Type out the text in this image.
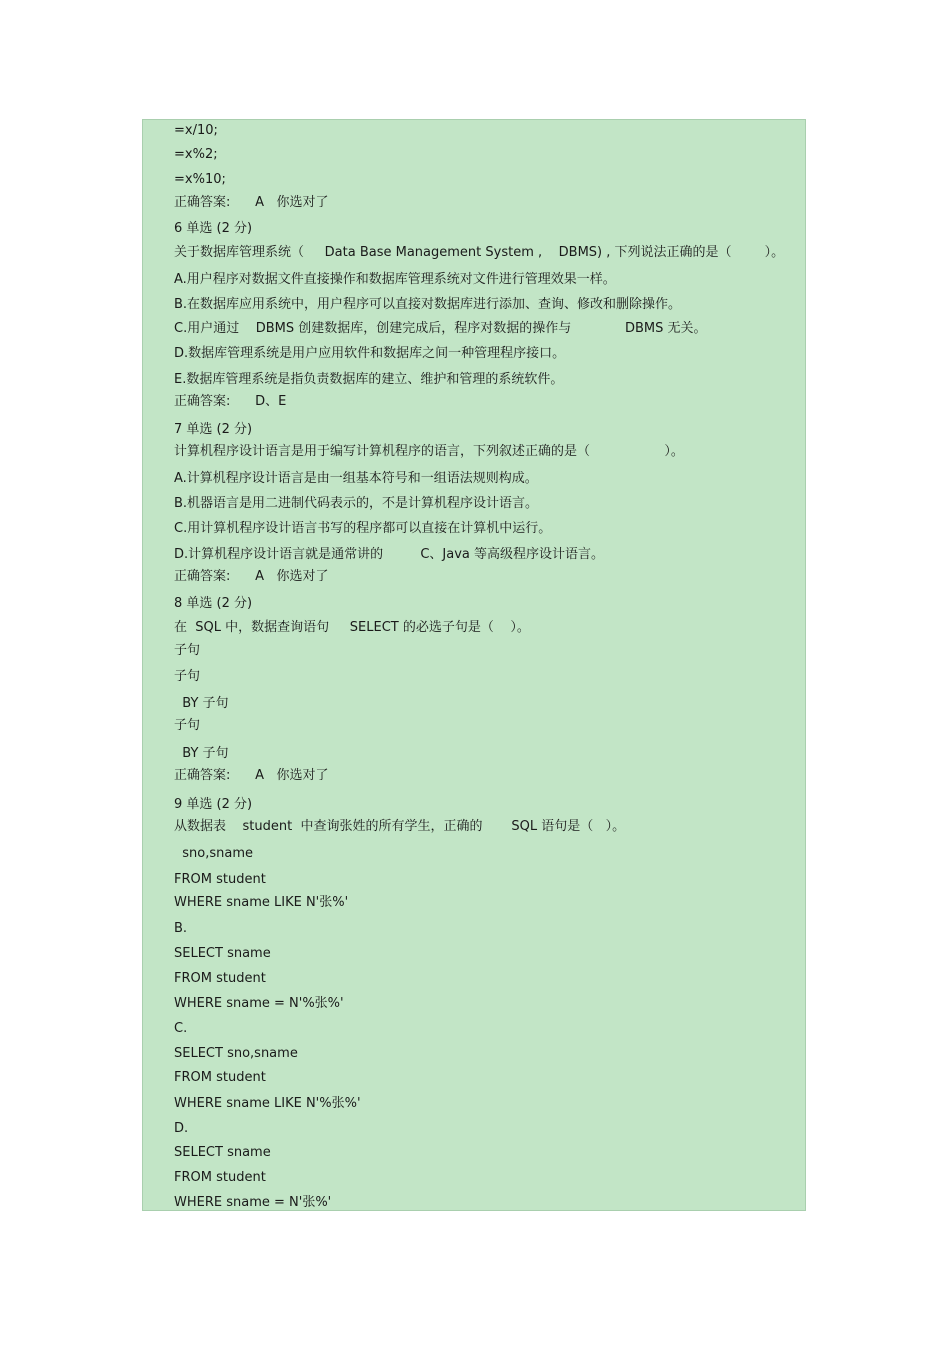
=x/10;
=x%2;
=x%10;
正确答案:      A   你选对了
6 单选 (2 分)
关于数据库管理系统（     Data Base Management System ,    DBMS) , 下列说法正确的是（        ）。
A.用户程序对数据文件直接操作和数据库管理系统对文件进行管理效果一样。
B.在数据库应用系统中，用户程序可以直接对数据库进行添加、查询、修改和删除操作。
C.用户通过    DBMS 创建数据库，创建完成后，程序对数据的操作与             DBMS 无关。
D.数据库管理系统是用户应用软件和数据库之间一种管理程序接口。
E.数据库管理系统是指负责数据库的建立、维护和管理的系统软件。
正确答案:      D、E
7 单选 (2 分)
计算机程序设计语言是用于编写计算机程序的语言，下列叙述正确的是（                  ）。
A.计算机程序设计语言是由一组基本符号和一组语法规则构成。
B.机器语言是用二进制代码表示的，不是计算机程序设计语言。
C.用计算机程序设计语言书写的程序都可以直接在计算机中运行。
D.计算机程序设计语言就是通常讲的         C、Java 等高级程序设计语言。
正确答案:      A   你选对了
8 单选 (2 分)
在  SQL 中，数据查询语句     SELECT 的必选子句是（    ）。
子句
子句
BY 子句
子句
BY 子句
正确答案:      A   你选对了
9 单选 (2 分)
从数据表    student  中查询张姓的所有学生，正确的       SQL 语句是（   ）。
sno,sname
FROM student
WHERE sname LIKE N'张%'
B.
SELECT sname
FROM student
WHERE sname = N'%张%'
C.
SELECT sno,sname
FROM student
WHERE sname LIKE N'%张%'
D.
SELECT sname
FROM student
WHERE sname = N'张%'
